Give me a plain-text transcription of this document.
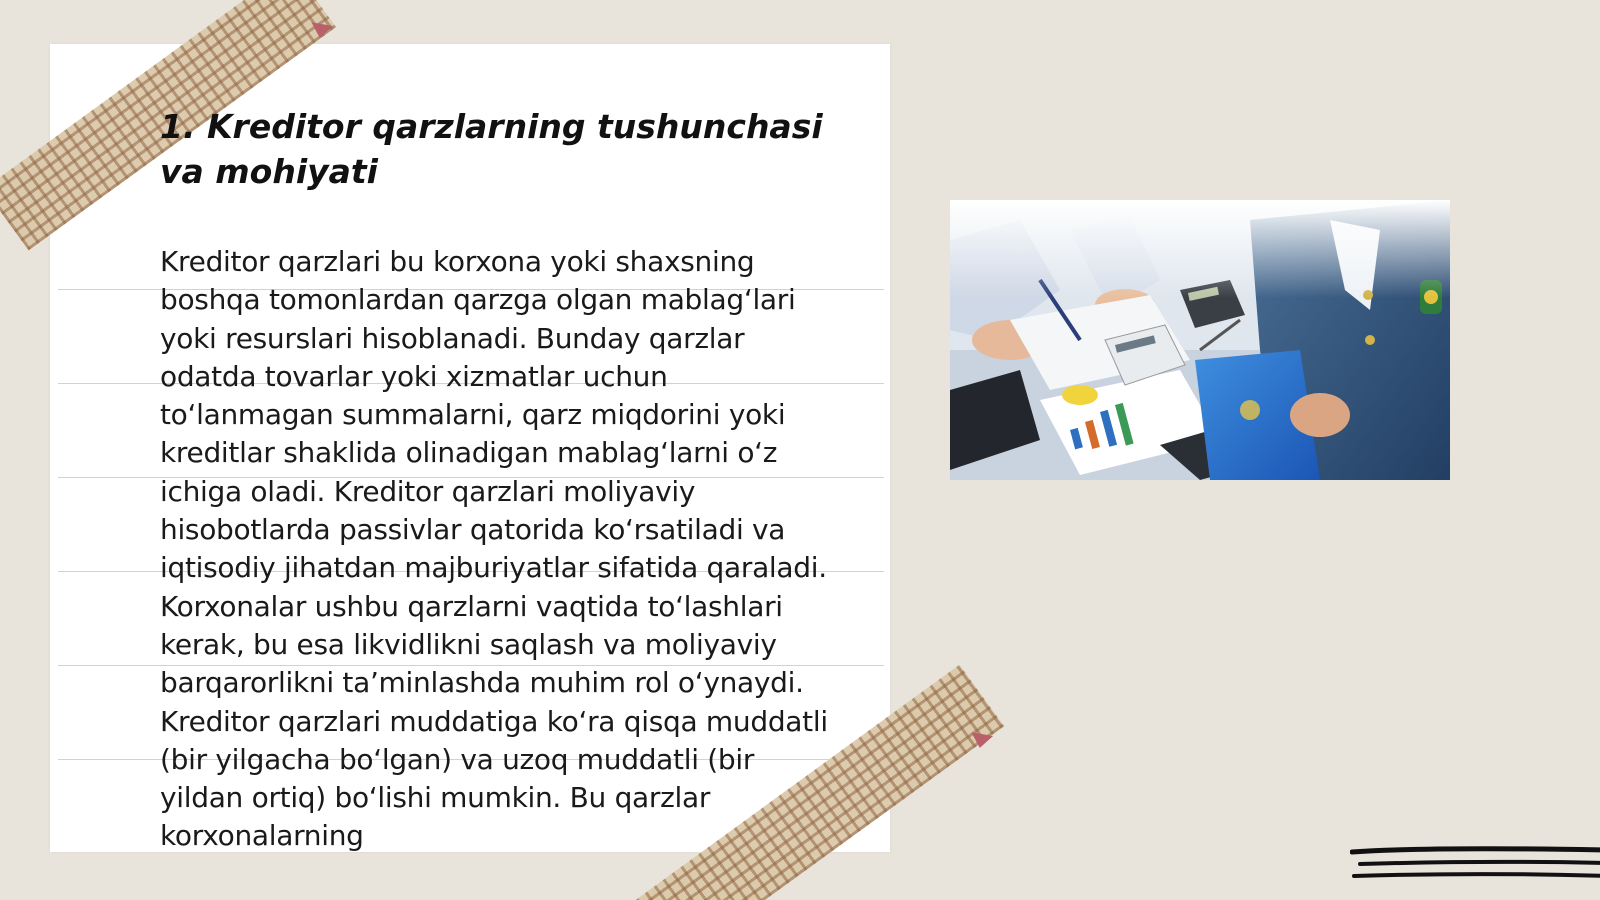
1. Kreditor qarzlarning tushunchasi va mohiyati

Kreditor qarzlari bu korxona yoki shaxsning boshqa tomonlardan qarzga olgan mablag‘lari yoki resurslari hisoblanadi. Bunday qarzlar odatda tovarlar yoki xizmatlar uchun to‘lanmagan summalarni, qarz miqdorini yoki kreditlar shaklida olinadigan mablag‘larni o‘z ichiga oladi. Kreditor qarzlari moliyaviy hisobotlarda passivlar qatorida ko‘rsatiladi va iqtisodiy jihatdan majburiyatlar sifatida qaraladi. Korxonalar ushbu qarzlarni vaqtida to‘lashlari kerak, bu esa likvidlikni saqlash va moliyaviy barqarorlikni ta’minlashda muhim rol o‘ynaydi. Kreditor qarzlari muddatiga ko‘ra qisqa muddatli (bir yilgacha bo‘lgan) va uzoq muddatli (bir yildan ortiq) bo‘lishi mumkin. Bu qarzlar korxonalarning
